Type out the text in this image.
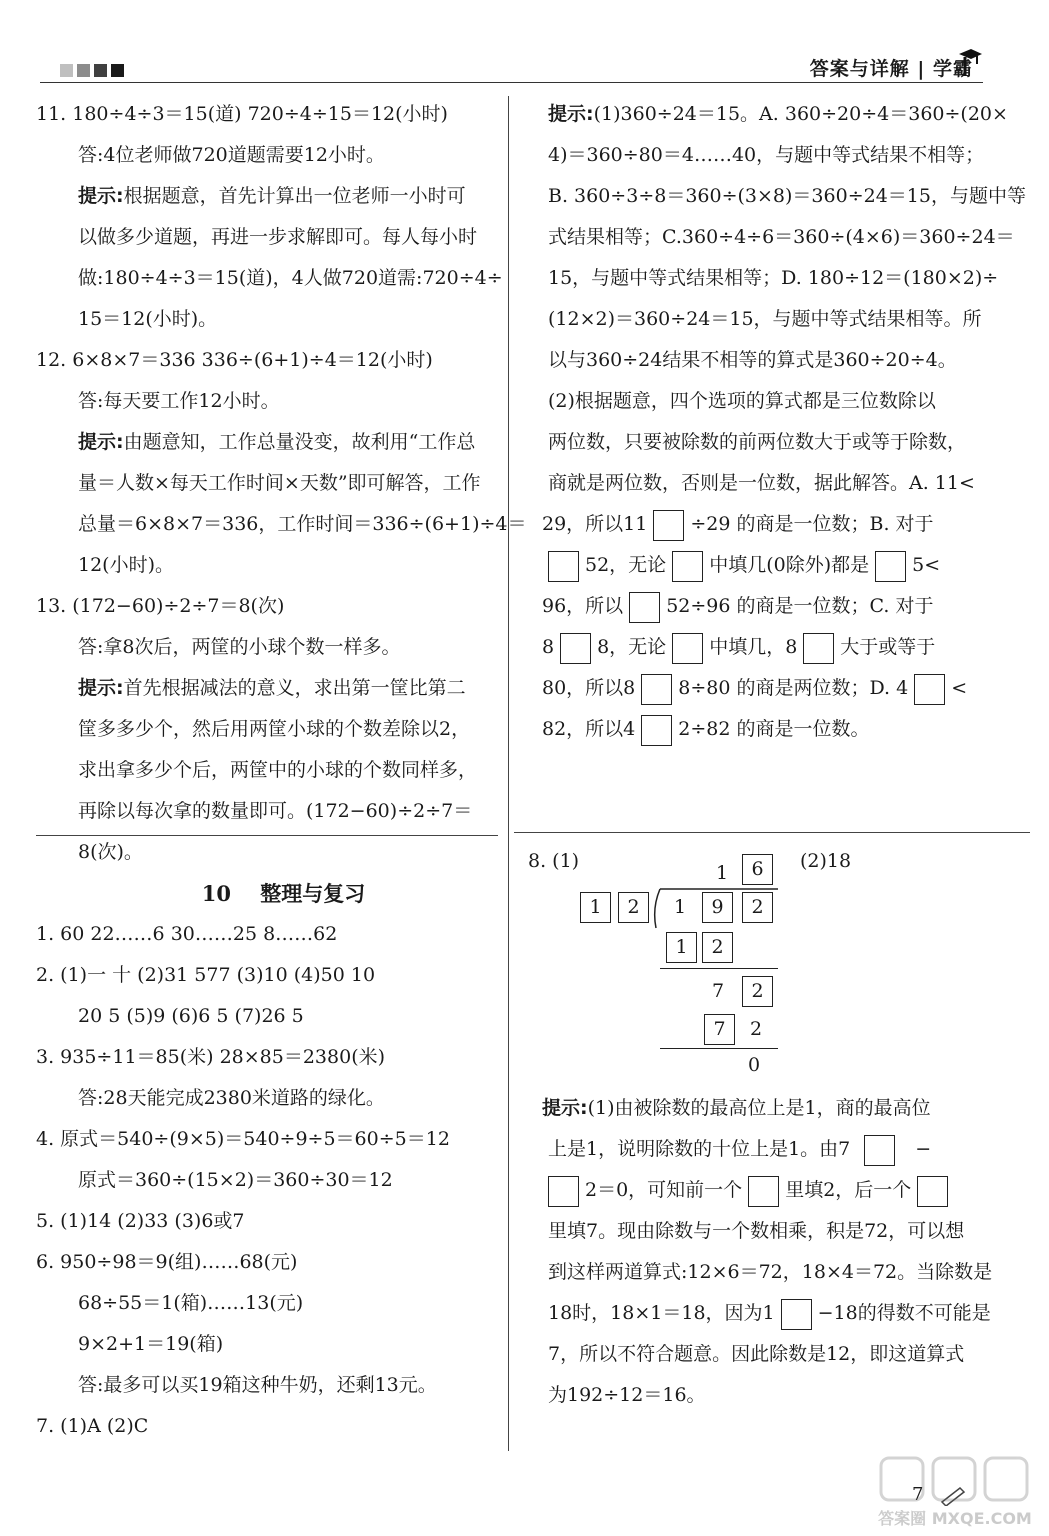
答案与详解 | 学霸
11. 180÷4÷3＝15(道) 720÷4÷15＝12(小时)
答:4位老师做720道题需要12小时。
提示:根据题意，首先计算出一位老师一小时可
以做多少道题，再进一步求解即可。每人每小时
做:180÷4÷3＝15(道)，4人做720道需:720÷4÷
15＝12(小时)。
12. 6×8×7＝336 336÷(6+1)÷4＝12(小时)
答:每天要工作12小时。
提示:由题意知，工作总量没变，故利用“工作总
量＝人数×每天工作时间×天数”即可解答，工作
总量＝6×8×7＝336，工作时间＝336÷(6+1)÷4＝
12(小时)。
13. (172−60)÷2÷7＝8(次)
答:拿8次后，两筐的小球个数一样多。
提示:首先根据减法的意义，求出第一筐比第二
筐多多少个，然后用两筐小球的个数差除以2，
求出拿多少个后，两筐中的小球的个数同样多，
再除以每次拿的数量即可。(172−60)÷2÷7＝
8(次)。
10 整理与复习
1. 60 22……6 30……25 8……62
2. (1)一 十 (2)31 577 (3)10 (4)50 10
20 5 (5)9 (6)6 5 (7)26 5
3. 935÷11＝85(米) 28×85＝2380(米)
答:28天能完成2380米道路的绿化。
4. 原式＝540÷(9×5)＝540÷9÷5＝60÷5＝12
原式＝360÷(15×2)＝360÷30＝12
5. (1)14 (2)33 (3)6或7
6. 950÷98＝9(组)……68(元)
68÷55＝1(箱)……13(元)
9×2+1＝19(箱)
答:最多可以买19箱这种牛奶，还剩13元。
7. (1)A (2)C
提示:(1)360÷24＝15。A. 360÷20÷4＝360÷(20×
4)＝360÷80＝4……40，与题中等式结果不相等；
B. 360÷3÷8＝360÷(3×8)＝360÷24＝15，与题中等
式结果相等；C.360÷4÷6＝360÷(4×6)＝360÷24＝
15，与题中等式结果相等；D. 180÷12＝(180×2)÷
(12×2)＝360÷24＝15，与题中等式结果相等。所
以与360÷24结果不相等的算式是360÷20÷4。
(2)根据题意，四个选项的算式都是三位数除以
两位数，只要被除数的前两位数大于或等于除数，
商就是两位数，否则是一位数，据此解答。A. 11<
29，所以11 ÷29 的商是一位数；B. 对于
52，无论 中填几(0除外)都是 5<
96，所以 52÷96 的商是一位数；C. 对于
8 8，无论 中填几，8 大于或等于
80，所以8 8÷80 的商是两位数；D. 4 <
82，所以4 2÷82 的商是一位数。
8. (1)	(2)18
1	6
1	2	1	9	2
1	2
7	2
7	2
0
提示:(1)由被除数的最高位上是1，商的最高位
上是1，说明除数的十位上是1。由7	−
2＝0，可知前一个 里填2，后一个
里填7。现由除数与一个数相乘，积是72，可以想
到这样两道算式:12×6＝72，18×4＝72。当除数是
18时，18×1＝18，因为1 −18的得数不可能是
7，所以不符合题意。因此除数是12，即这道算式
为192÷12＝16。
7
答案圈 MXQE.COM
